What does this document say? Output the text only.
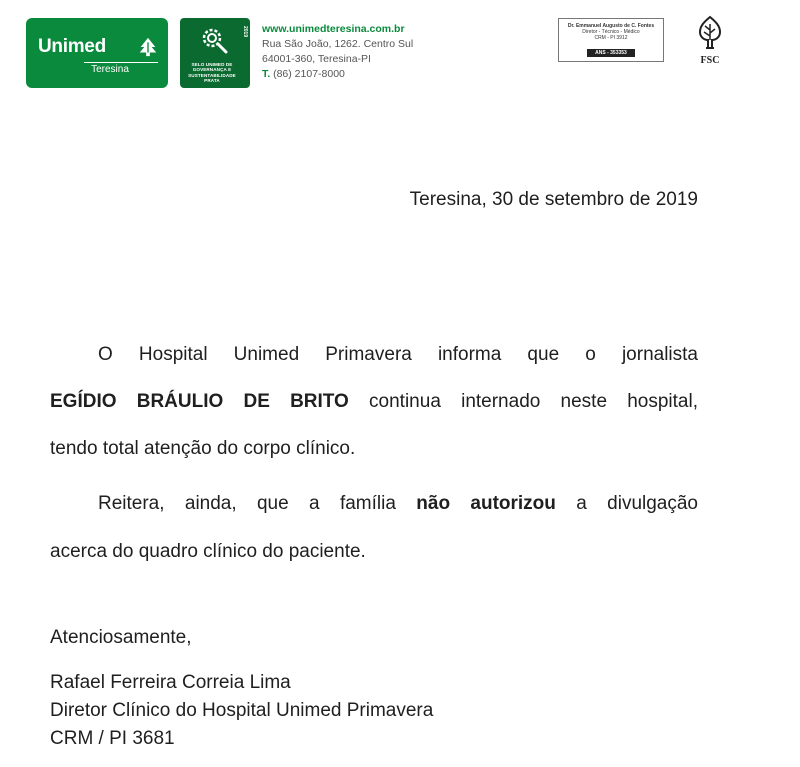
Unimed
Teresina
2019
SELO UNIMED DE
GOVERNANÇA E
SUSTENTABILIDADE
PRATA
www.unimedteresina.com.br
Rua São João, 1262. Centro Sul
64001-360, Teresina-PI
T. (86) 2107-8000
Dr. Emmanuel Augusto de C. Fontes
Diretor - Técnico - Médico
CRM - PI 3912
ANS - 353353
FSC
Teresina, 30 de setembro de 2019
O Hospital Unimed Primavera informa que o jornalista
EGÍDIO BRÁULIO DE BRITO continua internado neste hospital,
tendo total atenção do corpo clínico.
Reitera, ainda, que a família não autorizou a divulgação
acerca do quadro clínico do paciente.
Atenciosamente,
Rafael Ferreira Correia Lima
Diretor Clínico do Hospital Unimed Primavera
CRM / PI 3681
